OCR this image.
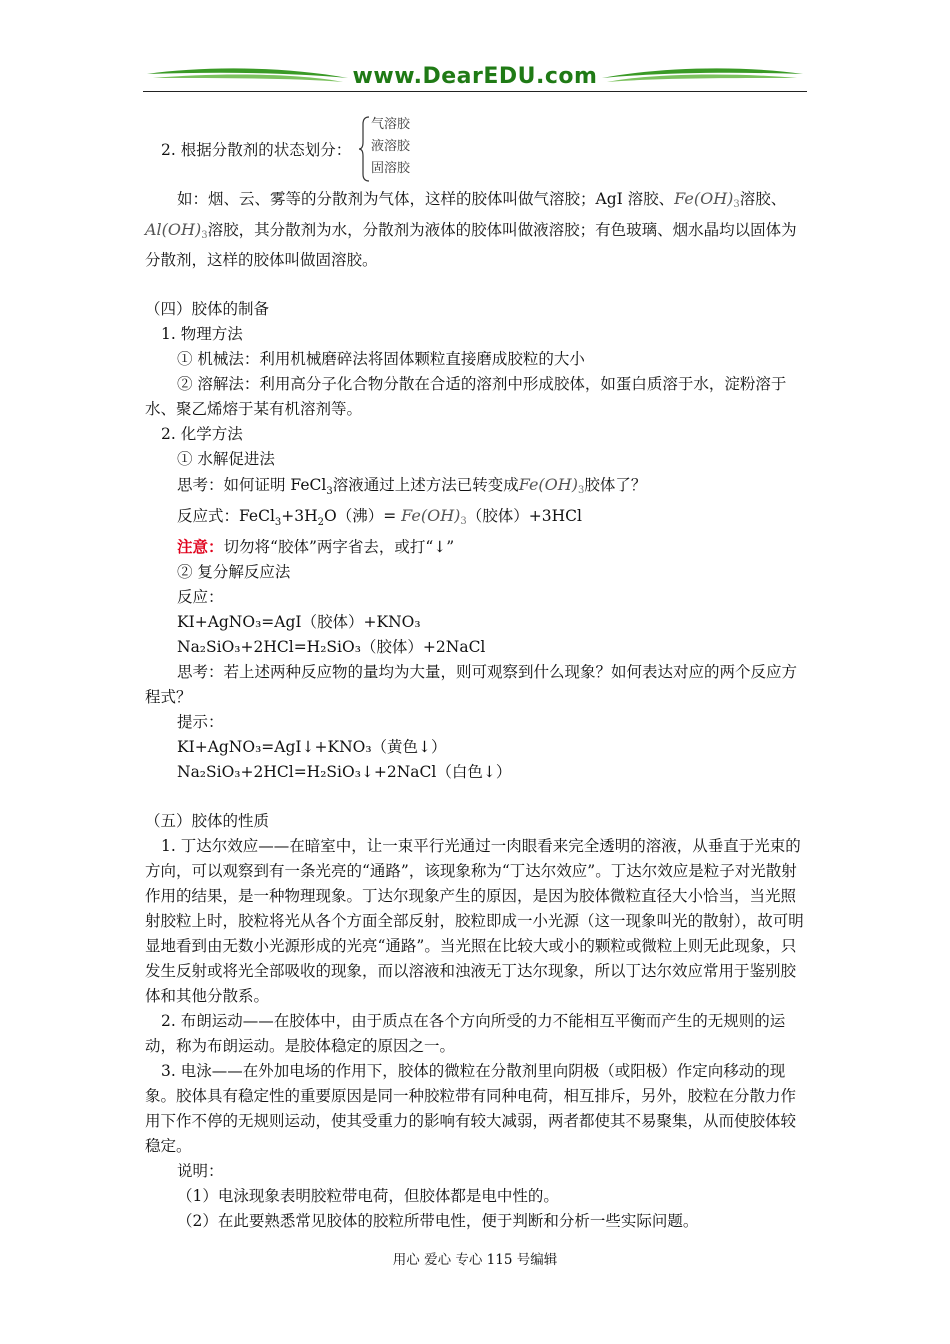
www.DearEDU.com
2. 根据分散剂的状态划分：
气溶胶
液溶胶
固溶胶

如：烟、云、雾等的分散剂为气体，这样的胶体叫做气溶胶；AgI 溶胶、$Fe(OH)_3$溶胶、$Al(OH)_3$溶胶，其分散剂为水，分散剂为液体的胶体叫做液溶胶；有色玻璃、烟水晶均以固体为分散剂，这样的胶体叫做固溶胶。

（四）胶体的制备

1. 物理方法

① 机械法：利用机械磨碎法将固体颗粒直接磨成胶粒的大小

② 溶解法：利用高分子化合物分散在合适的溶剂中形成胶体，如蛋白质溶于水，淀粉溶于水、聚乙烯熔于某有机溶剂等。

2. 化学方法

① 水解促进法

思考：如何证明 FeCl$_3$溶液通过上述方法已转变成$Fe(OH)_3$胶体了？

反应式：$FeCl_3+3H_2O$（沸）= $Fe(OH)_3$（胶体）+3HCl

注意：切勿将“胶体”两字省去，或打“↓”

② 复分解反应法

反应：

KI+AgNO₃=AgI（胶体）+KNO₃

Na₂SiO₃+2HCl=H₂SiO₃（胶体）+2NaCl

思考：若上述两种反应物的量均为大量，则可观察到什么现象？如何表达对应的两个反应方程式？

提示：

KI+AgNO₃=AgI↓+KNO₃（黄色↓）

Na₂SiO₃+2HCl=H₂SiO₃↓+2NaCl（白色↓）

（五）胶体的性质

1. 丁达尔效应——在暗室中，让一束平行光通过一肉眼看来完全透明的溶液，从垂直于光束的方向，可以观察到有一条光亮的“通路”，该现象称为“丁达尔效应”。丁达尔效应是粒子对光散射作用的结果，是一种物理现象。丁达尔现象产生的原因，是因为胶体微粒直径大小恰当，当光照射胶粒上时，胶粒将光从各个方面全部反射，胶粒即成一小光源（这一现象叫光的散射），故可明显地看到由无数小光源形成的光亮“通路”。当光照在比较大或小的颗粒或微粒上则无此现象，只发生反射或将光全部吸收的现象，而以溶液和浊液无丁达尔现象，所以丁达尔效应常用于鉴别胶体和其他分散系。

2. 布朗运动——在胶体中，由于质点在各个方向所受的力不能相互平衡而产生的无规则的运动，称为布朗运动。是胶体稳定的原因之一。

3. 电泳——在外加电场的作用下，胶体的微粒在分散剂里向阴极（或阳极）作定向移动的现象。胶体具有稳定性的重要原因是同一种胶粒带有同种电荷，相互排斥，另外，胶粒在分散力作用下作不停的无规则运动，使其受重力的影响有较大减弱，两者都使其不易聚集，从而使胶体较稳定。

说明：

（1）电泳现象表明胶粒带电荷，但胶体都是电中性的。

（2）在此要熟悉常见胶体的胶粒所带电性，便于判断和分析一些实际问题。

用心 爱心 专心 115 号编辑
